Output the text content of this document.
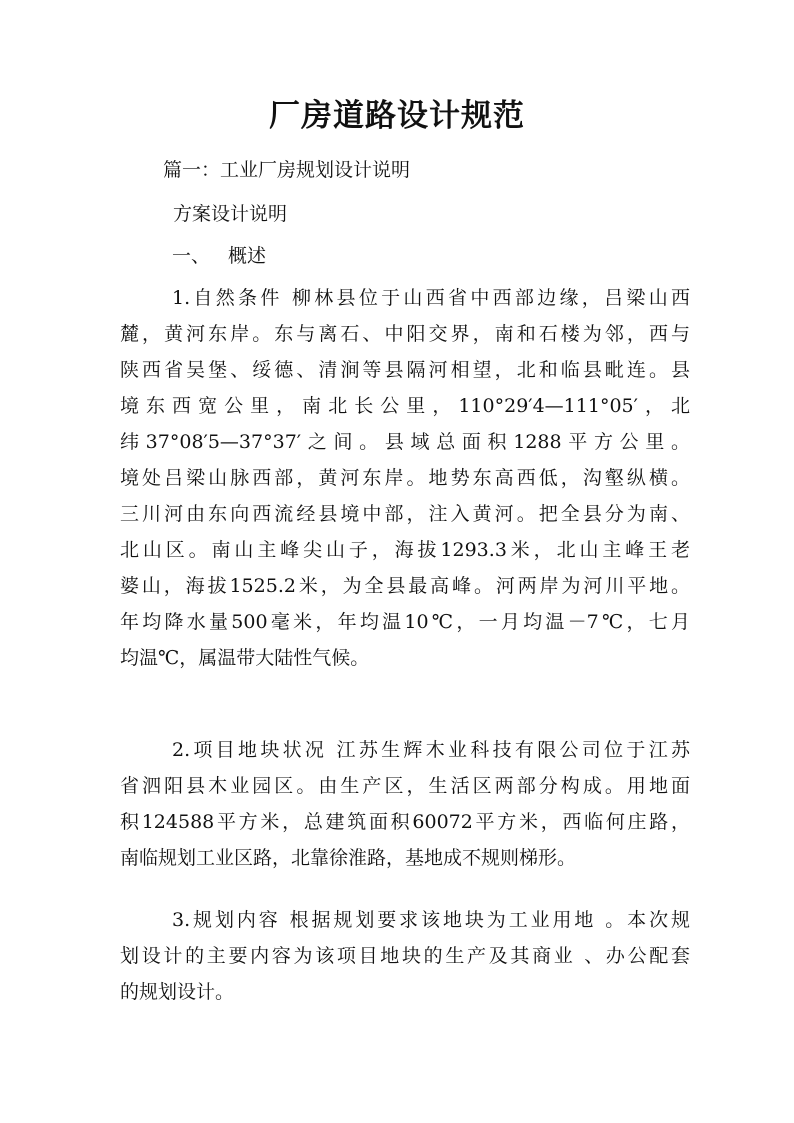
厂房道路设计规范
篇一：工业厂房规划设计说明
方案设计说明
一、 概述
1.自然条件 柳林县位于山西省中西部边缘，吕梁山西
麓，黄河东岸。东与离石、中阳交界，南和石楼为邻，西与
陕西省吴堡、绥德、清涧等县隔河相望，北和临县毗连。县
境东西宽公里，南北长公里，110°29′4—111°05′，北
纬37°08′5—37°37′之间。县域总面积1288平方公里。
境处吕梁山脉西部，黄河东岸。地势东高西低，沟壑纵横。
三川河由东向西流经县境中部，注入黄河。把全县分为南、
北山区。南山主峰尖山子，海拔1293.3米，北山主峰王老
婆山，海拔1525.2米，为全县最高峰。河两岸为河川平地。
年均降水量500毫米，年均温10℃，一月均温－7℃，七月
均温℃，属温带大陆性气候。
2.项目地块状况 江苏生辉木业科技有限公司位于江苏
省泗阳县木业园区。由生产区，生活区两部分构成。用地面
积124588平方米，总建筑面积60072平方米，西临何庄路，
南临规划工业区路，北靠徐淮路，基地成不规则梯形。
3.规划内容 根据规划要求该地块为工业用地 。本次规
划设计的主要内容为该项目地块的生产及其商业 、办公配套
的规划设计。
